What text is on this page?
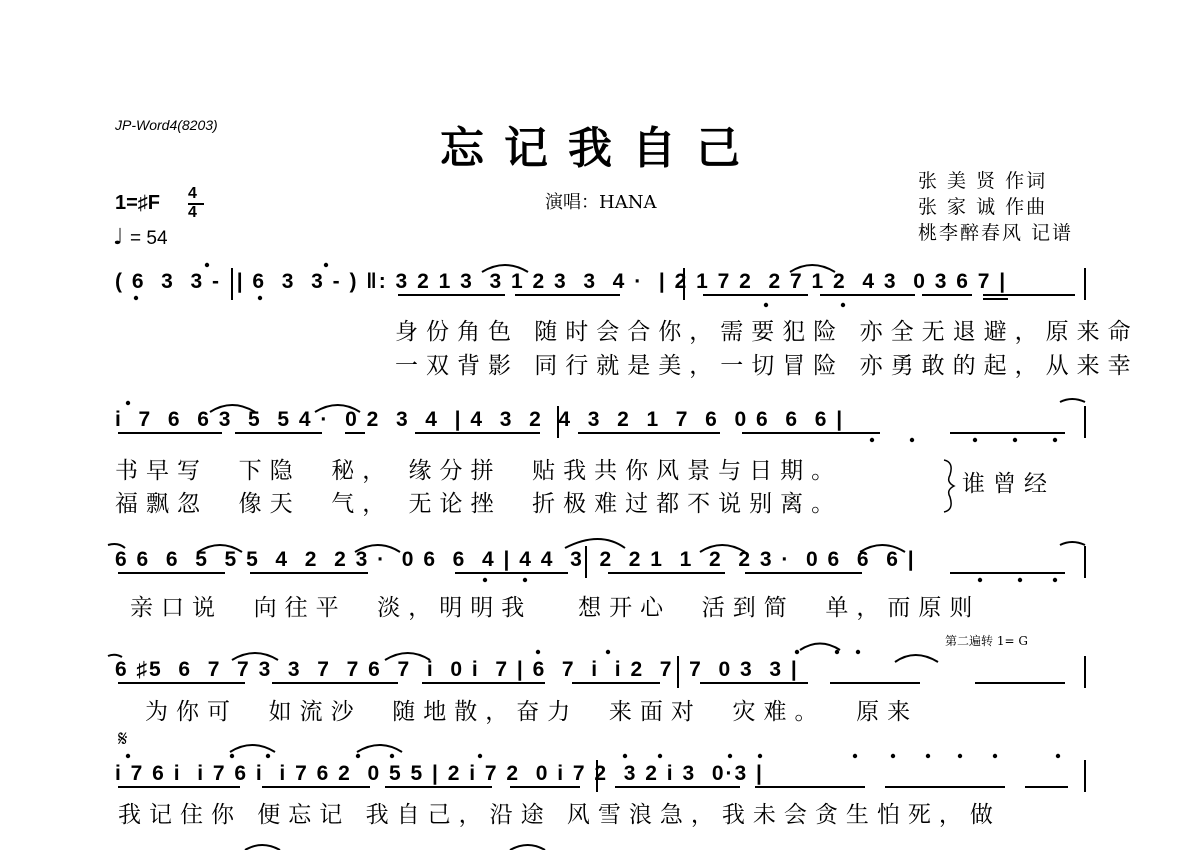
JP-Word4(8203)	忘记我自己
演唱：HANA
1=♯F 4
4
♩ = 54
张 美 贤 作词
张 家 诚 作曲
桃李醉春风 记谱
( 6  3  3 -  | 6  3  3 - ) ‖: 3 2 1 3  3 1 2 3  3  4 ·  | 2 1 7 2  2 7 1 2  4 3  0 3 6 7 |
身份角色 随时会合你，需要犯险 亦全无退避，原来命
一双背影 同行就是美，一切冒险 亦勇敢的起，从来幸
i  7  6  6 3  5  5 4 ·  0 2  3  4  | 4  3  2  4  3  2  1  7  6  0 6  6  6 |
书早写  下隐  秘， 缘分拼  贴我共你风景与日期。
福飘忽  像天  气， 无论挫  折极难过都不说别离。
谁曾经
6 6  6  5  5 5  4  2  2 3 ·  0 6  6  4 | 4 4  3  2  2 1  1  2  2 3 ·  0 6  6  6 |
亲口说  向往平  淡，明明我   想开心  活到简  单，而原则
第二遍转 1= G
6 ♯5  6  7  7 3  3  7  7 6  7  i  0 i  7 | 6  7  i  i 2  7  7  0 3  3 |
为你可  如流沙  随地散，奋力  来面对  灾难。  原来
𝄋
i 7 6 i  i 7 6 i  i 7 6 2  0 5 5 | 2 i 7 2  0 i 7 2  3 2 i 3  0·3 |
我记住你 便忘记 我自己，沿途 风雪浪急，我未会贪生怕死，做
